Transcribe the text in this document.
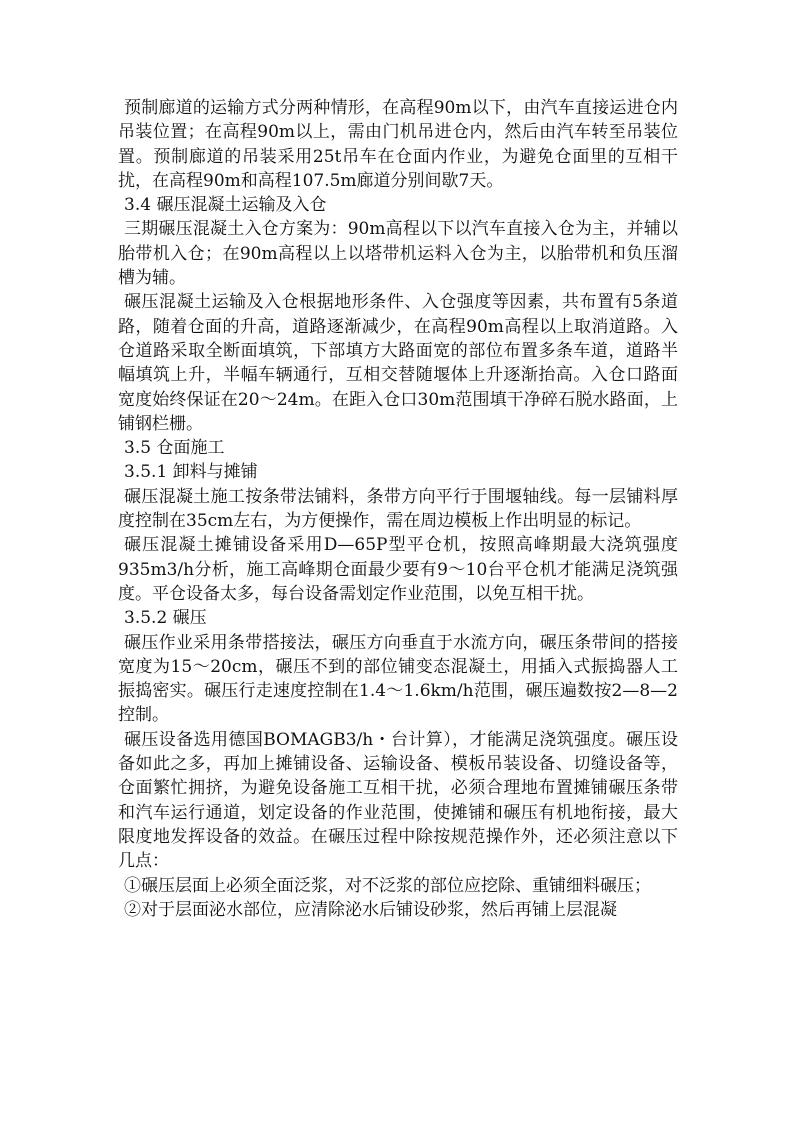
预制廊道的运输方式分两种情形，在高程90m以下，由汽车直接运进仓内吊装位置；在高程90m以上，需由门机吊进仓内，然后由汽车转至吊装位置。预制廊道的吊装采用25t吊车在仓面内作业，为避免仓面里的互相干扰，在高程90m和高程107.5m廊道分别间歇7天。

3.4 碾压混凝土运输及入仓

三期碾压混凝土入仓方案为：90m高程以下以汽车直接入仓为主，并辅以胎带机入仓；在90m高程以上以塔带机运料入仓为主，以胎带机和负压溜槽为辅。

碾压混凝土运输及入仓根据地形条件、入仓强度等因素，共布置有5条道路，随着仓面的升高，道路逐渐减少，在高程90m高程以上取消道路。入仓道路采取全断面填筑，下部填方大路面宽的部位布置多条车道，道路半幅填筑上升，半幅车辆通行，互相交替随堰体上升逐渐抬高。入仓口路面宽度始终保证在20～24m。在距入仓口30m范围填干净碎石脱水路面，上铺钢栏栅。

3.5 仓面施工

3.5.1 卸料与摊铺

碾压混凝土施工按条带法铺料，条带方向平行于围堰轴线。每一层铺料厚度控制在35cm左右，为方便操作，需在周边模板上作出明显的标记。

碾压混凝土摊铺设备采用D—65P型平仓机，按照高峰期最大浇筑强度935m3/h分析，施工高峰期仓面最少要有9～10台平仓机才能满足浇筑强度。平仓设备太多，每台设备需划定作业范围，以免互相干扰。

3.5.2 碾压

碾压作业采用条带搭接法，碾压方向垂直于水流方向，碾压条带间的搭接宽度为15～20cm，碾压不到的部位铺变态混凝土，用插入式振捣器人工振捣密实。碾压行走速度控制在1.4～1.6km/h范围，碾压遍数按2—8—2控制。

碾压设备选用德国BOMAGB3/h・台计算），才能满足浇筑强度。碾压设备如此之多，再加上摊铺设备、运输设备、模板吊装设备、切缝设备等，仓面繁忙拥挤，为避免设备施工互相干扰，必须合理地布置摊铺碾压条带和汽车运行通道，划定设备的作业范围，使摊铺和碾压有机地衔接，最大限度地发挥设备的效益。在碾压过程中除按规范操作外，还必须注意以下几点：

①碾压层面上必须全面泛浆，对不泛浆的部位应挖除、重铺细料碾压；

②对于层面泌水部位，应清除泌水后铺设砂浆，然后再铺上层混凝
